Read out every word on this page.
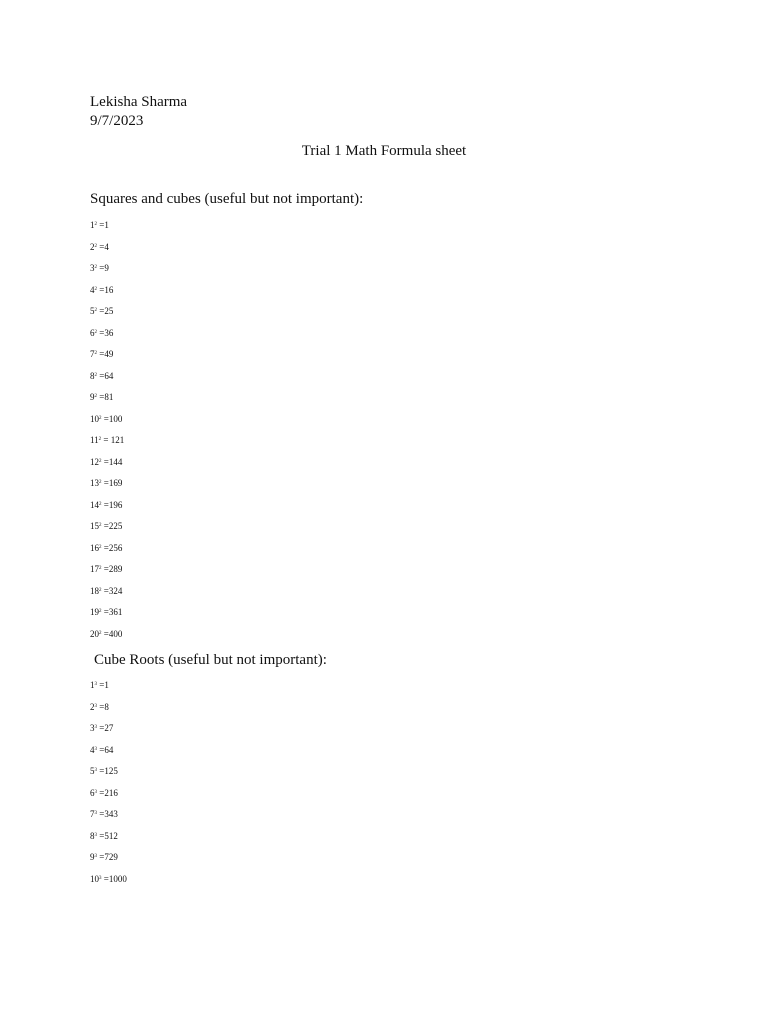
Lekisha Sharma
9/7/2023
Trial 1 Math Formula sheet
Squares and cubes (useful but not important):
$1^2 =1$
$2^2 =4$
$3^2 =9$
$4^2 =16$
$5^2 =25$
$6^2 =36$
$7^2 =49$
$8^2 =64$
$9^2 =81$
$10^2 =100$
$11^2 = 121$
$12^2 =144$
$13^2 =169$
$14^2 =196$
$15^2 =225$
$16^2 =256$
$17^2 =289$
$18^2 =324$
$19^2 =361$
$20^2 =400$
Cube Roots (useful but not important):
$1^3 =1$
$2^3 =8$
$3^3 =27$
$4^3 =64$
$5^3 =125$
$6^3 =216$
$7^3 =343$
$8^3 =512$
$9^3 =729$
$10^3 =1000$
